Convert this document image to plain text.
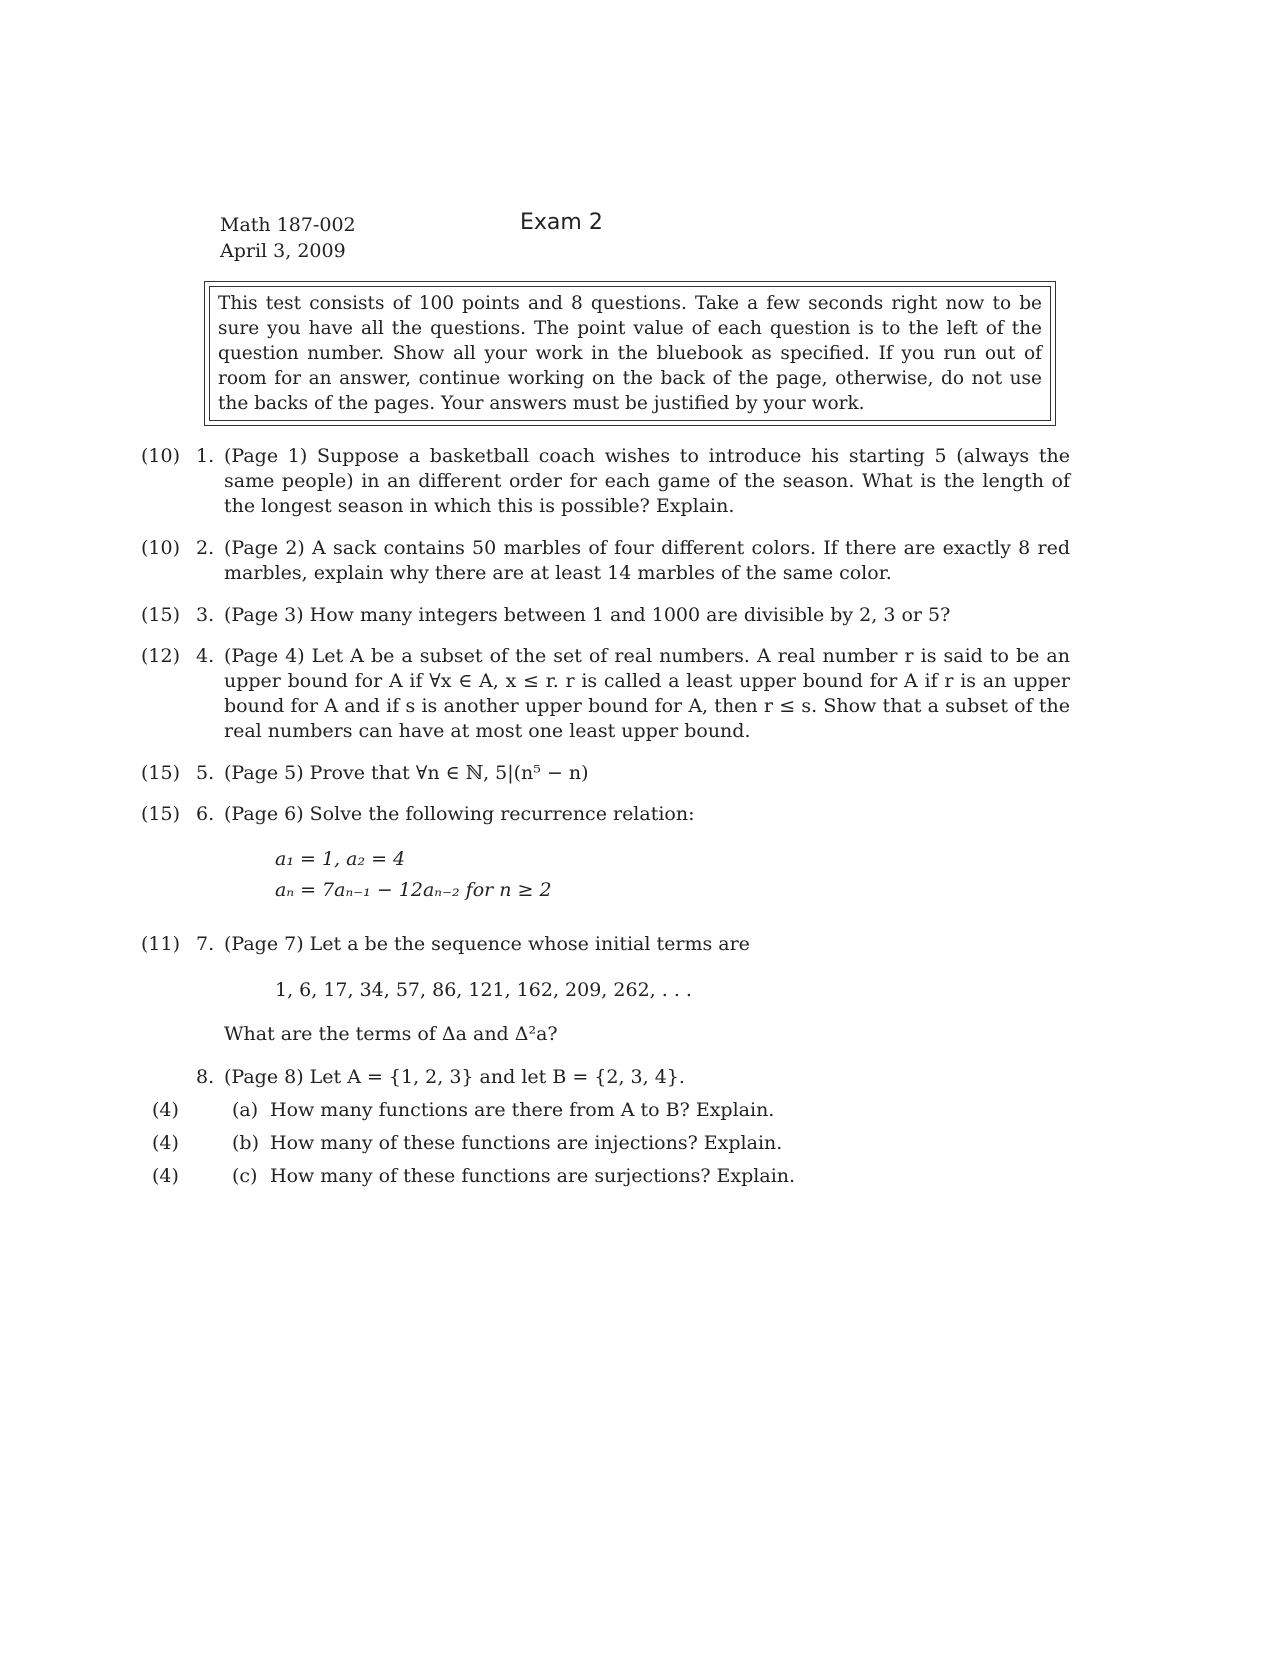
Math 187-002
April 3, 2009
Exam 2
This test consists of 100 points and 8 questions. Take a few seconds right now to be sure you have all the questions. The point value of each question is to the left of the question number. Show all your work in the bluebook as specified. If you run out of room for an answer, continue working on the back of the page, otherwise, do not use the backs of the pages. Your answers must be justified by your work.
(10) 1. (Page 1) Suppose a basketball coach wishes to introduce his starting 5 (always the same people) in an different order for each game of the season. What is the length of the longest season in which this is possible? Explain.
(10) 2. (Page 2) A sack contains 50 marbles of four different colors. If there are exactly 8 red marbles, explain why there are at least 14 marbles of the same color.
(15) 3. (Page 3) How many integers between 1 and 1000 are divisible by 2, 3 or 5?
(12) 4. (Page 4) Let A be a subset of the set of real numbers. A real number r is said to be an upper bound for A if ∀x ∈ A, x ≤ r. r is called a least upper bound for A if r is an upper bound for A and if s is another upper bound for A, then r ≤ s. Show that a subset of the real numbers can have at most one least upper bound.
(15) 5. (Page 5) Prove that ∀n ∈ ℕ, 5|(n⁵ − n)
(15) 6. (Page 6) Solve the following recurrence relation:
a₁ = 1, a₂ = 4
aₙ = 7aₙ₋₁ − 12aₙ₋₂ for n ≥ 2
(11) 7. (Page 7) Let a be the sequence whose initial terms are
1, 6, 17, 34, 57, 86, 121, 162, 209, 262, . . .
What are the terms of Δa and Δ²a?
8. (Page 8) Let A = {1, 2, 3} and let B = {2, 3, 4}.
(4)	(a) How many functions are there from A to B? Explain.
(4)	(b) How many of these functions are injections? Explain.
(4)	(c) How many of these functions are surjections? Explain.
